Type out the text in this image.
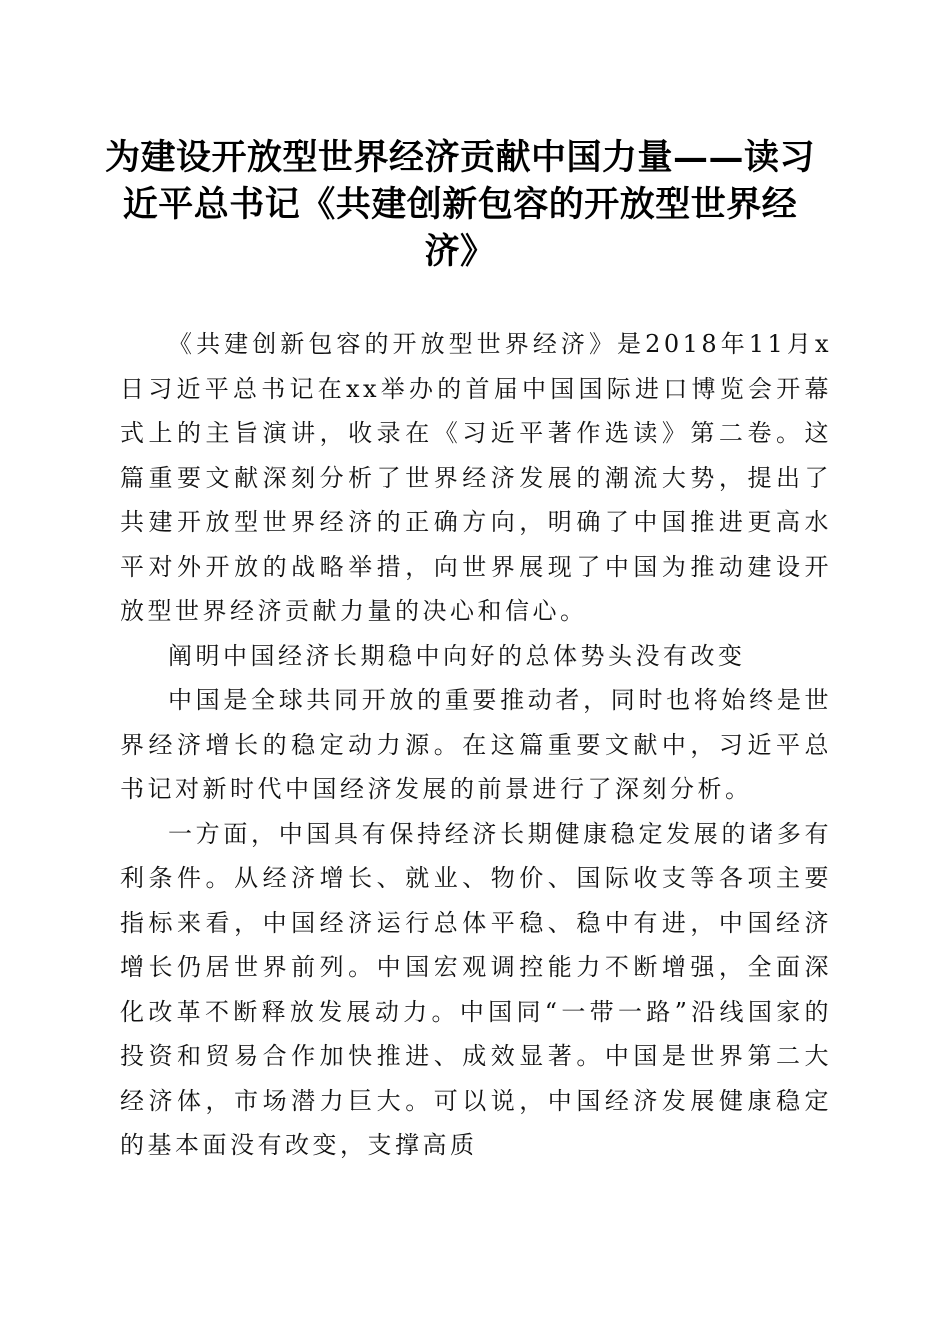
为建设开放型世界经济贡献中国力量——读习近平总书记《共建创新包容的开放型世界经济》

《共建创新包容的开放型世界经济》是2018年11月x日习近平总书记在xx举办的首届中国国际进口博览会开幕式上的主旨演讲，收录在《习近平著作选读》第二卷。这篇重要文献深刻分析了世界经济发展的潮流大势，提出了共建开放型世界经济的正确方向，明确了中国推进更高水平对外开放的战略举措，向世界展现了中国为推动建设开放型世界经济贡献力量的决心和信心。

阐明中国经济长期稳中向好的总体势头没有改变

中国是全球共同开放的重要推动者，同时也将始终是世界经济增长的稳定动力源。在这篇重要文献中，习近平总书记对新时代中国经济发展的前景进行了深刻分析。

一方面，中国具有保持经济长期健康稳定发展的诸多有利条件。从经济增长、就业、物价、国际收支等各项主要指标来看，中国经济运行总体平稳、稳中有进，中国经济增长仍居世界前列。中国宏观调控能力不断增强，全面深化改革不断释放发展动力。中国同“一带一路”沿线国家的投资和贸易合作加快推进、成效显著。中国是世界第二大经济体，市场潜力巨大。可以说，中国经济发展健康稳定的基本面没有改变，支撑高质
